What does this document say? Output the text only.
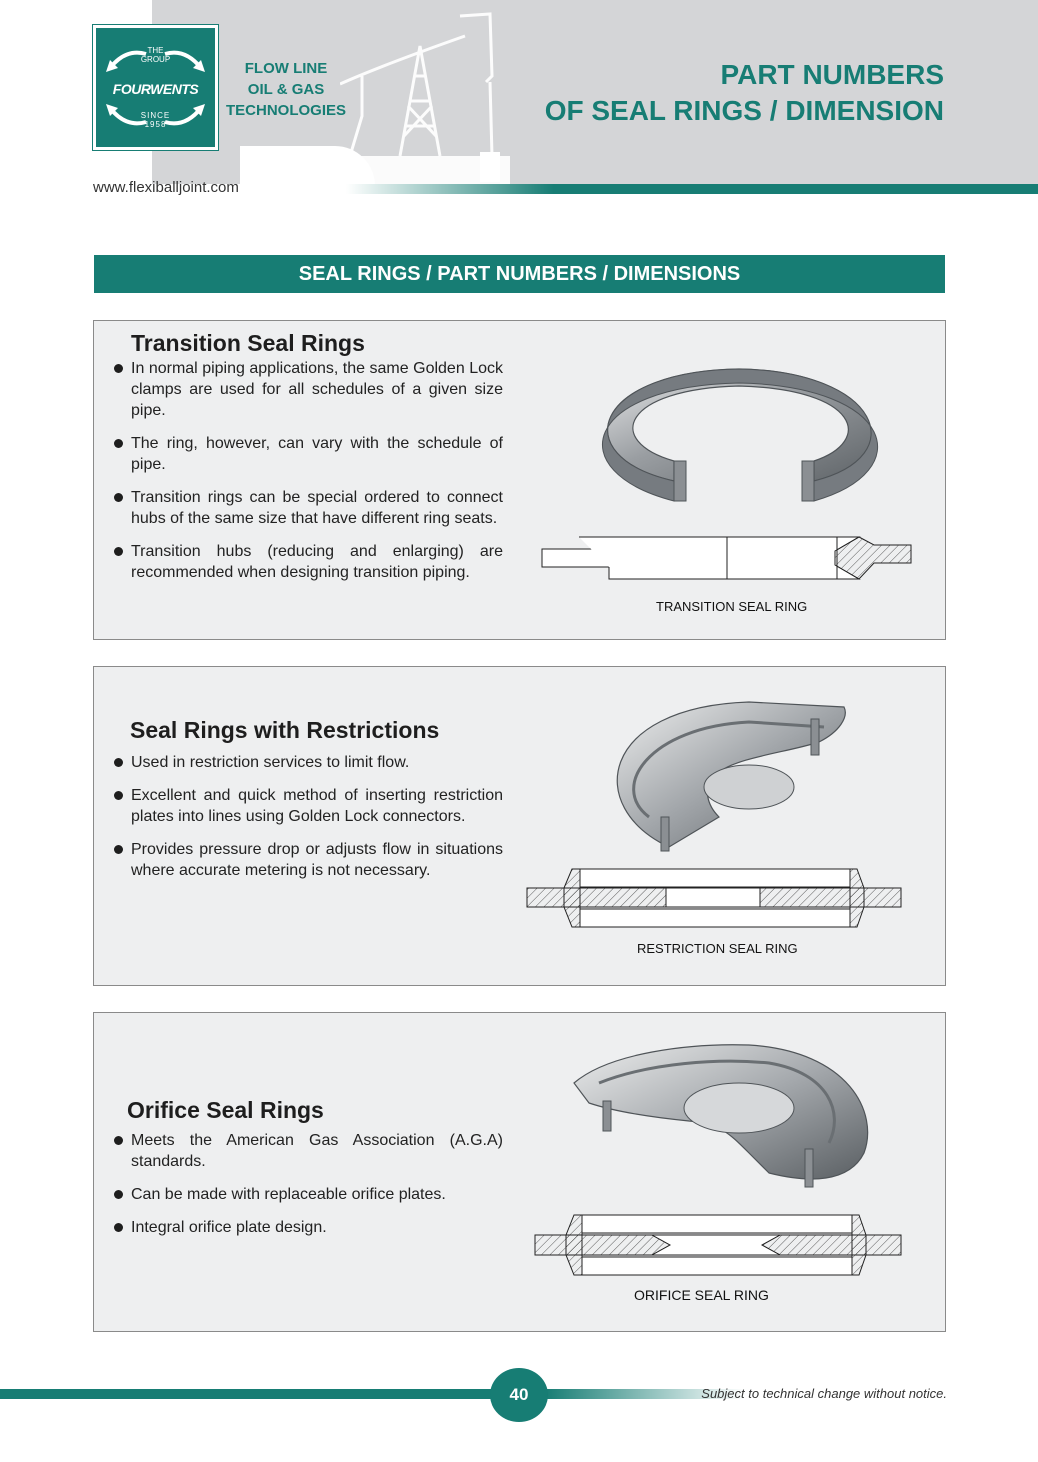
THE
GROUP
FOURWENTS
SINCE
1958
FLOW LINE
OIL & GAS
TECHNOLOGIES
PART NUMBERS
OF SEAL RINGS / DIMENSION
www.flexiballjoint.com
SEAL RINGS / PART NUMBERS / DIMENSIONS
Transition Seal Rings
In normal piping applications, the same Golden Lock clamps are used for all schedules of a given size pipe.
The ring, however, can vary with the schedule of pipe.
Transition rings can be special ordered to connect hubs of the same size that have different ring seats.
Transition hubs (reducing and enlarging) are recommended when designing transition piping.
TRANSITION SEAL RING
Seal Rings with Restrictions
Used in restriction services to limit flow.
Excellent and quick method of inserting restriction plates into lines using Golden Lock connectors.
Provides pressure drop or adjusts flow in situations where accurate metering is not necessary.
RESTRICTION SEAL RING
Orifice Seal Rings
Meets the American Gas Association (A.G.A) standards.
Can be made with replaceable orifice plates.
Integral orifice plate design.
ORIFICE SEAL RING
40	Subject to technical change without notice.
